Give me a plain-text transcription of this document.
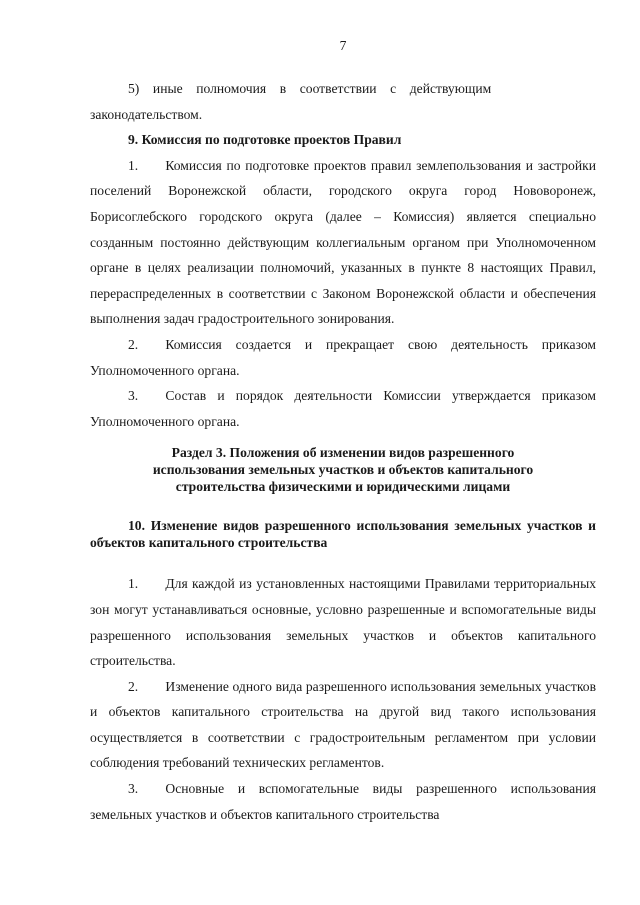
7

5) иные полномочия в соответствии с действующим законодательством.

9. Комиссия по подготовке проектов Правил

1.  Комиссия по подготовке проектов правил землепользования и застройки поселений Воронежской области, городского округа город Нововоронеж, Борисоглебского городского округа (далее – Комиссия) является специально созданным постоянно действующим коллегиальным органом при Уполномоченном органе в целях реализации полномочий, указанных в пункте 8 настоящих Правил, перераспределенных в соответствии с Законом Воронежской области и обеспечения выполнения задач градостроительного зонирования.

2.  Комиссия создается и прекращает свою деятельность приказом Уполномоченного органа.

3.  Состав и порядок деятельности Комиссии утверждается приказом Уполномоченного органа.

Раздел 3. Положения об изменении видов разрешенного
использования земельных участков и объектов капитального
строительства физическими и юридическими лицами

10. Изменение видов разрешенного использования земельных участков и объектов капитального строительства

1.  Для каждой из установленных настоящими Правилами территориальных зон могут устанавливаться основные, условно разрешенные и вспомогательные виды разрешенного использования земельных участков и объектов капитального строительства.

2.  Изменение одного вида разрешенного использования земельных участков и объектов капитального строительства на другой вид такого использования осуществляется в соответствии с градостроительным регламентом при условии соблюдения требований технических регламентов.

3.  Основные и вспомогательные виды разрешенного использования земельных участков и объектов капитального строительства
